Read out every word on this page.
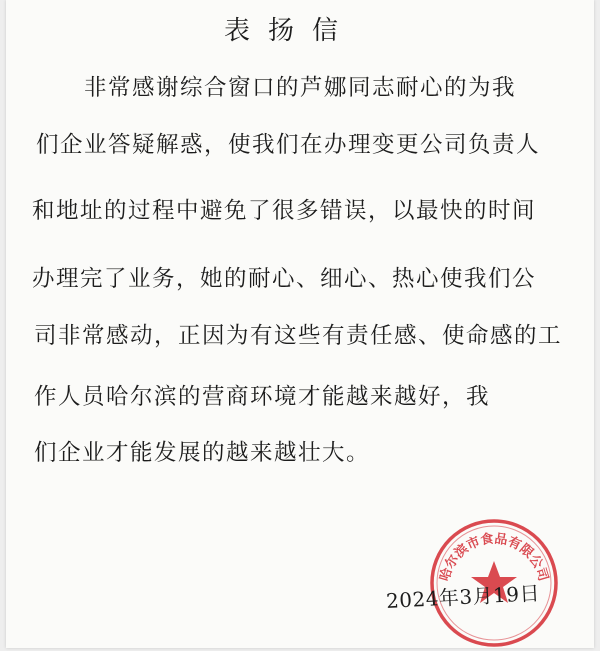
表扬信
非常感谢综合窗口的芦娜同志耐心的为我
们企业答疑解惑，使我们在办理变更公司负责人
和地址的过程中避免了很多错误，以最快的时间
办理完了业务，她的耐心、细心、热心使我们公
司非常感动，正因为有这些有责任感、使命感的工
作人员哈尔滨的营商环境才能越来越好，我
们企业才能发展的越来越壮大。
哈尔滨市食品有限公司
2024年3月19日
